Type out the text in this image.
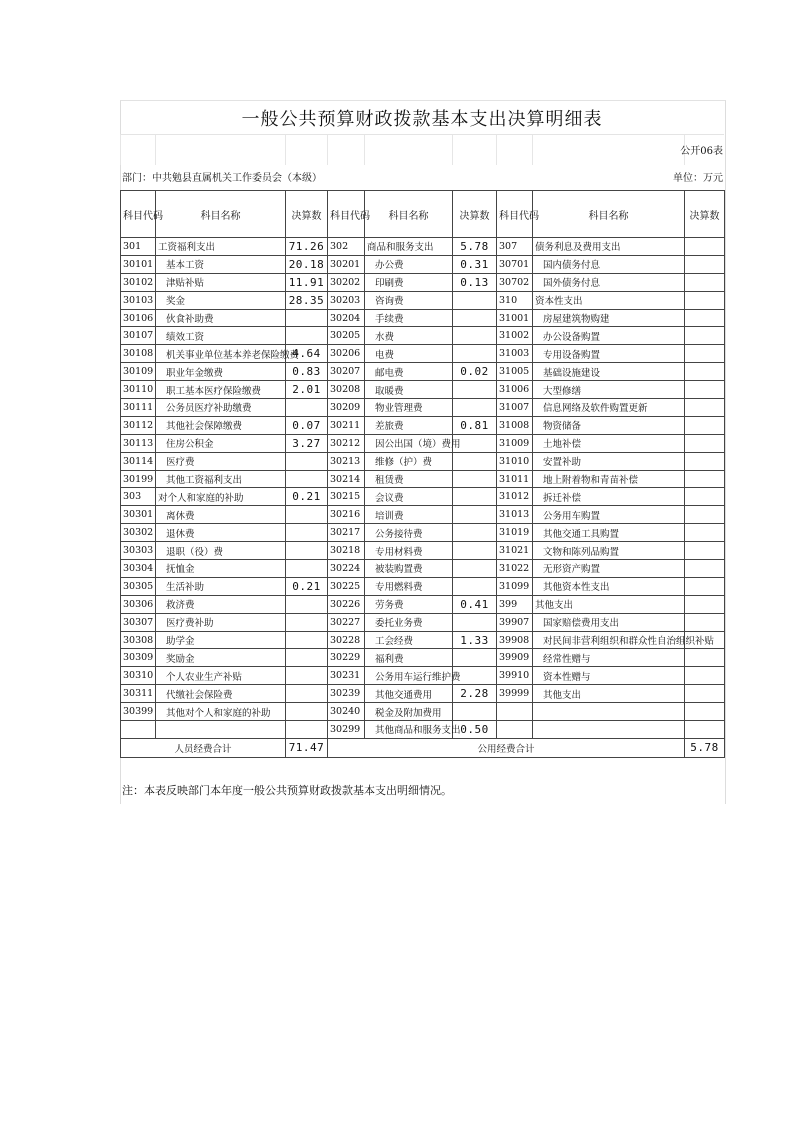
一般公共预算财政拨款基本支出决算明细表
公开06表
部门：中共勉县直属机关工作委员会（本级）	单位：万元
科目代码	科目名称	决算数	科目代码	科目名称	决算数	科目代码	科目名称	决算数
301	工资福利支出	71.26	302	商品和服务支出	5.78	307	债务利息及费用支出	
30101	基本工资	20.18	30201	办公费	0.31	30701	国内债务付息	
30102	津贴补贴	11.91	30202	印刷费	0.13	30702	国外债务付息	
30103	奖金	28.35	30203	咨询费		310	资本性支出	
30106	伙食补助费		30204	手续费		31001	房屋建筑物购建	
30107	绩效工资		30205	水费		31002	办公设备购置	
30108	机关事业单位基本养老保险缴费	4.64	30206	电费		31003	专用设备购置	
30109	职业年金缴费	0.83	30207	邮电费	0.02	31005	基础设施建设	
30110	职工基本医疗保险缴费	2.01	30208	取暖费		31006	大型修缮	
30111	公务员医疗补助缴费		30209	物业管理费		31007	信息网络及软件购置更新	
30112	其他社会保障缴费	0.07	30211	差旅费	0.81	31008	物资储备	
30113	住房公积金	3.27	30212	因公出国（境）费用		31009	土地补偿	
30114	医疗费		30213	维修（护）费		31010	安置补助	
30199	其他工资福利支出		30214	租赁费		31011	地上附着物和青苗补偿	
303	对个人和家庭的补助	0.21	30215	会议费		31012	拆迁补偿	
30301	离休费		30216	培训费		31013	公务用车购置	
30302	退休费		30217	公务接待费		31019	其他交通工具购置	
30303	退职（役）费		30218	专用材料费		31021	文物和陈列品购置	
30304	抚恤金		30224	被装购置费		31022	无形资产购置	
30305	生活补助	0.21	30225	专用燃料费		31099	其他资本性支出	
30306	救济费		30226	劳务费	0.41	399	其他支出	
30307	医疗费补助		30227	委托业务费		39907	国家赔偿费用支出	
30308	助学金		30228	工会经费	1.33	39908	对民间非营利组织和群众性自治组织补贴	
30309	奖励金		30229	福利费		39909	经常性赠与	
30310	个人农业生产补贴		30231	公务用车运行维护费		39910	资本性赠与	
30311	代缴社会保险费		30239	其他交通费用	2.28	39999	其他支出	
30399	其他对个人和家庭的补助		30240	税金及附加费用				
			30299	其他商品和服务支出	0.50			
人员经费合计		71.47	公用经费合计					5.78
注：本表反映部门本年度一般公共预算财政拨款基本支出明细情况。
